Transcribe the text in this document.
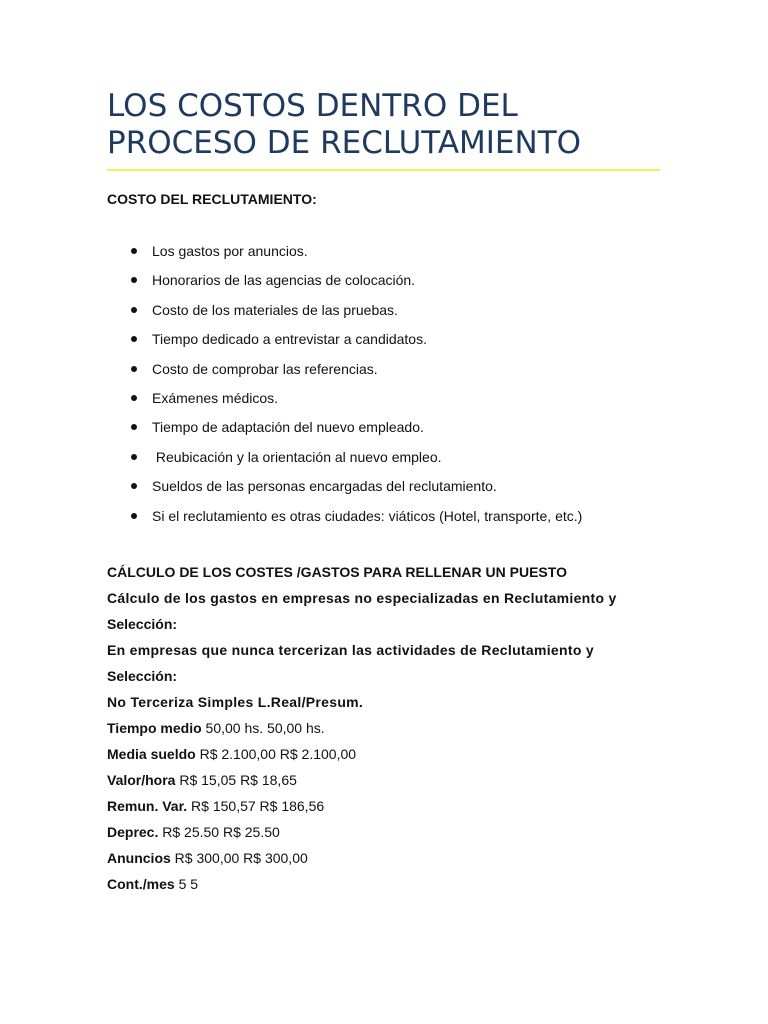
LOS COSTOS DENTRO DEL
PROCESO DE RECLUTAMIENTO

COSTO DEL RECLUTAMIENTO:

Los gastos por anuncios.
Honorarios de las agencias de colocación.
Costo de los materiales de las pruebas.
Tiempo dedicado a entrevistar a candidatos.
Costo de comprobar las referencias.
Exámenes médicos.
Tiempo de adaptación del nuevo empleado.
Reubicación y la orientación al nuevo empleo.
Sueldos de las personas encargadas del reclutamiento.
Si el reclutamiento es otras ciudades: viáticos (Hotel, transporte, etc.)

CÁLCULO DE LOS COSTES /GASTOS PARA RELLENAR UN PUESTO

Cálculo de los gastos en empresas no especializadas en Reclutamiento y

Selección:

En empresas que nunca tercerizan las actividades de Reclutamiento y

Selección:

No Terceriza Simples L.Real/Presum.

Tiempo medio 50,00 hs. 50,00 hs.

Media sueldo R$ 2.100,00 R$ 2.100,00

Valor/hora R$ 15,05 R$ 18,65

Remun. Var. R$ 150,57 R$ 186,56

Deprec. R$ 25.50 R$ 25.50

Anuncios R$ 300,00 R$ 300,00

Cont./mes 5 5
